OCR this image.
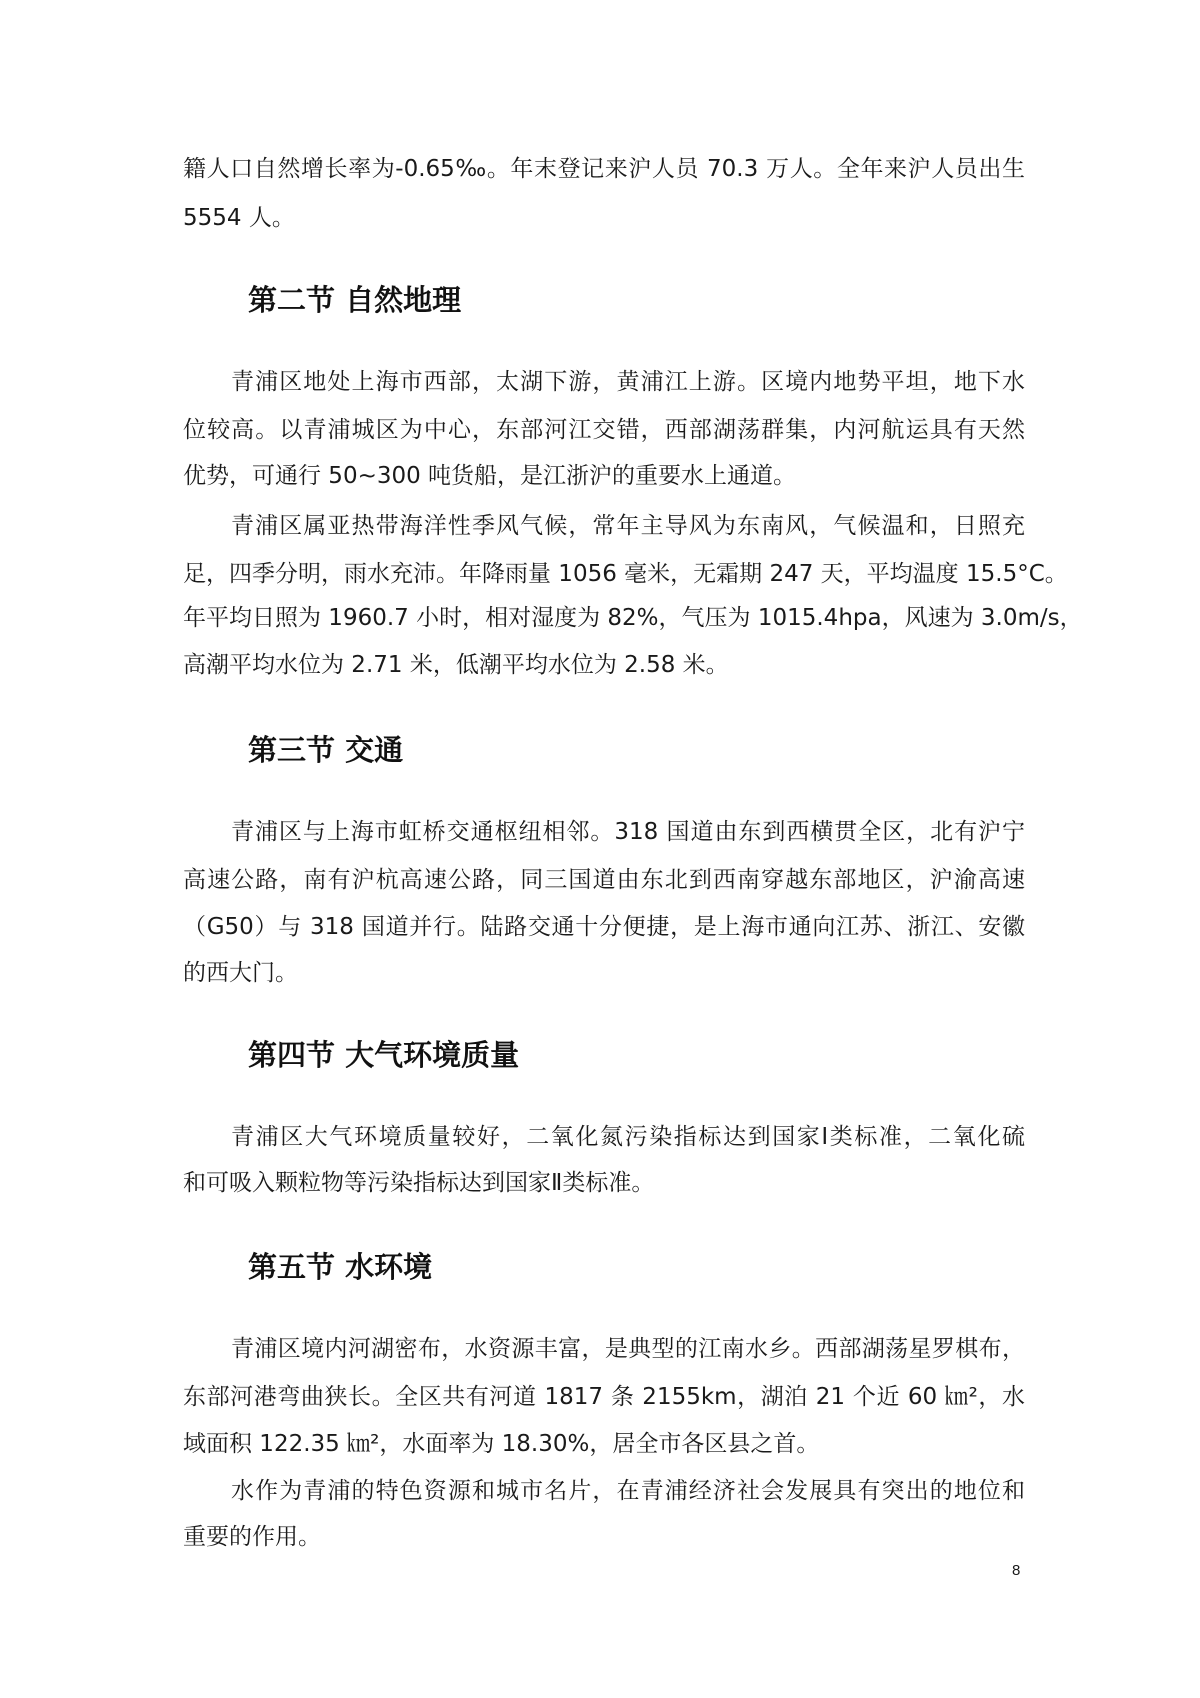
籍人口自然增长率为-0.65‰。年末登记来沪人员 70.3 万人。全年来沪人员出生
5554 人。
第二节 自然地理
青浦区地处上海市西部，太湖下游，黄浦江上游。区境内地势平坦，地下水
位较高。以青浦城区为中心，东部河江交错，西部湖荡群集，内河航运具有天然
优势，可通行 50~300 吨货船，是江浙沪的重要水上通道。
青浦区属亚热带海洋性季风气候，常年主导风为东南风，气候温和，日照充
足，四季分明，雨水充沛。年降雨量 1056 毫米，无霜期 247 天，平均温度 15.5°C。
年平均日照为 1960.7 小时，相对湿度为 82%，气压为 1015.4hpa，风速为 3.0m/s，
高潮平均水位为 2.71 米，低潮平均水位为 2.58 米。
第三节 交通
青浦区与上海市虹桥交通枢纽相邻。318 国道由东到西横贯全区，北有沪宁
高速公路，南有沪杭高速公路，同三国道由东北到西南穿越东部地区，沪渝高速
（G50）与 318 国道并行。陆路交通十分便捷，是上海市通向江苏、浙江、安徽
的西大门。
第四节 大气环境质量
青浦区大气环境质量较好，二氧化氮污染指标达到国家Ⅰ类标准，二氧化硫
和可吸入颗粒物等污染指标达到国家Ⅱ类标准。
第五节 水环境
青浦区境内河湖密布，水资源丰富，是典型的江南水乡。西部湖荡星罗棋布，
东部河港弯曲狭长。全区共有河道 1817 条 2155km，湖泊 21 个近 60 ㎞²，水
域面积 122.35 ㎞²，水面率为 18.30%，居全市各区县之首。
水作为青浦的特色资源和城市名片，在青浦经济社会发展具有突出的地位和
重要的作用。
8
